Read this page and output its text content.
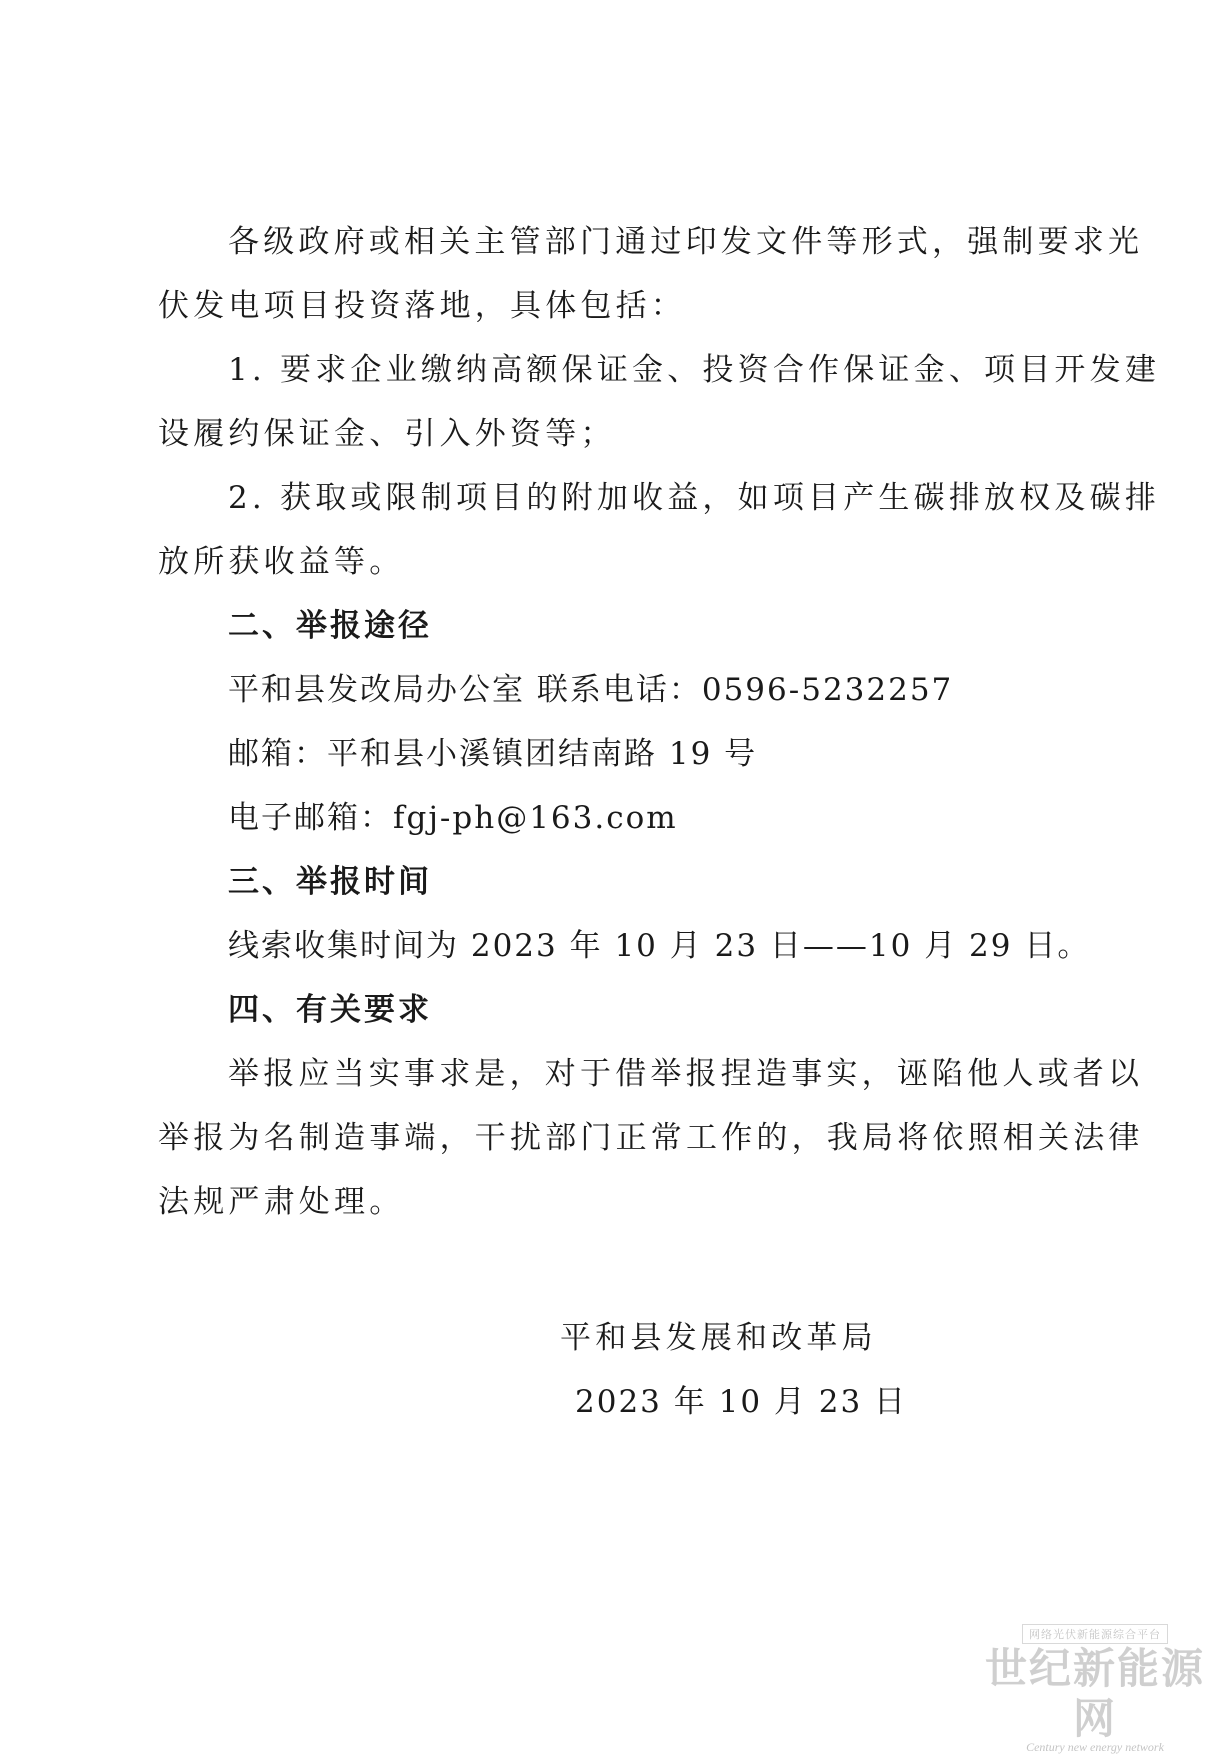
各级政府或相关主管部门通过印发文件等形式，强制要求光
伏发电项目投资落地，具体包括：
1. 要求企业缴纳高额保证金、投资合作保证金、项目开发建
设履约保证金、引入外资等；
2. 获取或限制项目的附加收益，如项目产生碳排放权及碳排
放所获收益等。
二、举报途径
平和县发改局办公室 联系电话：0596-5232257
邮箱：平和县小溪镇团结南路 19 号
电子邮箱：fgj-ph@163.com
三、举报时间
线索收集时间为 2023 年 10 月 23 日——10 月 29 日。
四、有关要求
举报应当实事求是，对于借举报捏造事实，诬陷他人或者以
举报为名制造事端，干扰部门正常工作的，我局将依照相关法律
法规严肃处理。
平和县发展和改革局
2023 年 10 月 23 日
网络光伏新能源综合平台
世纪新能源网
Century new energy network
